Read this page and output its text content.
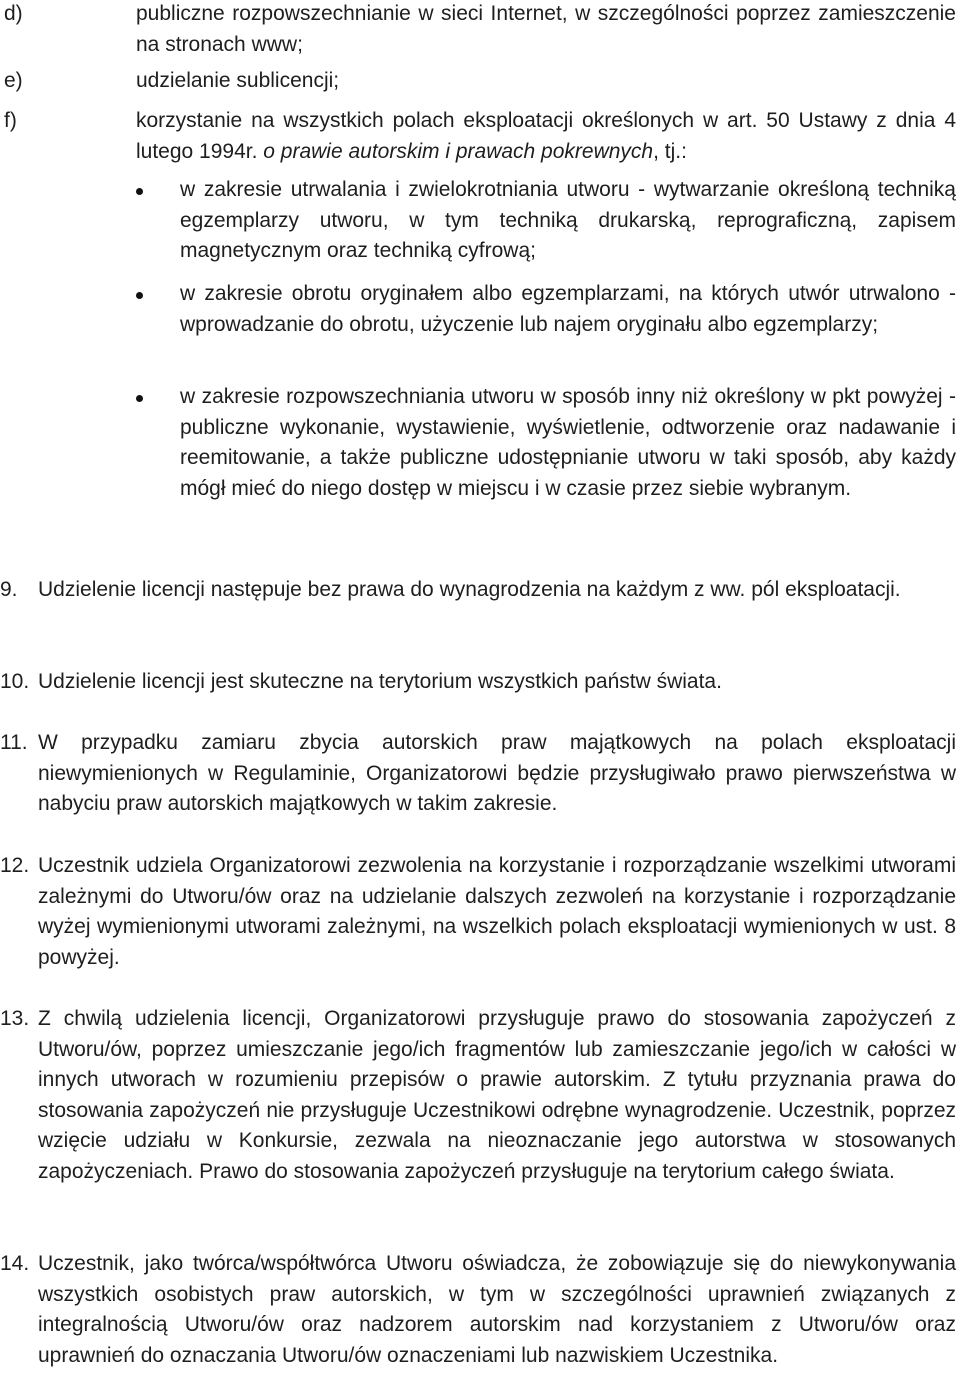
d)	publiczne rozpowszechnianie w sieci Internet, w szczególności poprzez zamieszczenie na stronach www;
e)	udzielanie sublicencji;
f)	korzystanie na wszystkich polach eksploatacji określonych w art. 50 Ustawy z dnia 4 lutego 1994r. o prawie autorskim i prawach pokrewnych, tj.:
w zakresie utrwalania i zwielokrotniania utworu - wytwarzanie określoną techniką egzemplarzy utworu, w tym techniką drukarską, reprograficzną, zapisem magnetycznym oraz techniką cyfrową;
w zakresie obrotu oryginałem albo egzemplarzami, na których utwór utrwalono - wprowadzanie do obrotu, użyczenie lub najem oryginału albo egzemplarzy;
w zakresie rozpowszechniania utworu w sposób inny niż określony w pkt powyżej - publiczne wykonanie, wystawienie, wyświetlenie, odtworzenie oraz nadawanie i reemitowanie, a także publiczne udostępnianie utworu w taki sposób, aby każdy mógł mieć do niego dostęp w miejscu i w czasie przez siebie wybranym.
9. Udzielenie licencji następuje bez prawa do wynagrodzenia na każdym z ww. pól eksploatacji.
10. Udzielenie licencji jest skuteczne na terytorium wszystkich państw świata.
11. W przypadku zamiaru zbycia autorskich praw majątkowych na polach eksploatacji niewymienionych w Regulaminie, Organizatorowi będzie przysługiwało prawo pierwszeństwa w nabyciu praw autorskich majątkowych w takim zakresie.
12. Uczestnik udziela Organizatorowi zezwolenia na korzystanie i rozporządzanie wszelkimi utworami zależnymi do Utworu/ów oraz na udzielanie dalszych zezwoleń na korzystanie i rozporządzanie wyżej wymienionymi utworami zależnymi, na wszelkich polach eksploatacji wymienionych w ust. 8 powyżej.
13. Z chwilą udzielenia licencji, Organizatorowi przysługuje prawo do stosowania zapożyczeń z Utworu/ów, poprzez umieszczanie jego/ich fragmentów lub zamieszczanie jego/ich w całości w innych utworach w rozumieniu przepisów o prawie autorskim. Z tytułu przyznania prawa do stosowania zapożyczeń nie przysługuje Uczestnikowi odrębne wynagrodzenie. Uczestnik, poprzez wzięcie udziału w Konkursie, zezwala na nieoznaczanie jego autorstwa w stosowanych zapożyczeniach. Prawo do stosowania zapożyczeń przysługuje na terytorium całego świata.
14. Uczestnik, jako twórca/współtwórca Utworu oświadcza, że zobowiązuje się do niewykonywania wszystkich osobistych praw autorskich, w tym w szczególności uprawnień związanych z integralnością Utworu/ów oraz nadzorem autorskim nad korzystaniem z Utworu/ów oraz uprawnień do oznaczania Utworu/ów oznaczeniami lub nazwiskiem Uczestnika.
